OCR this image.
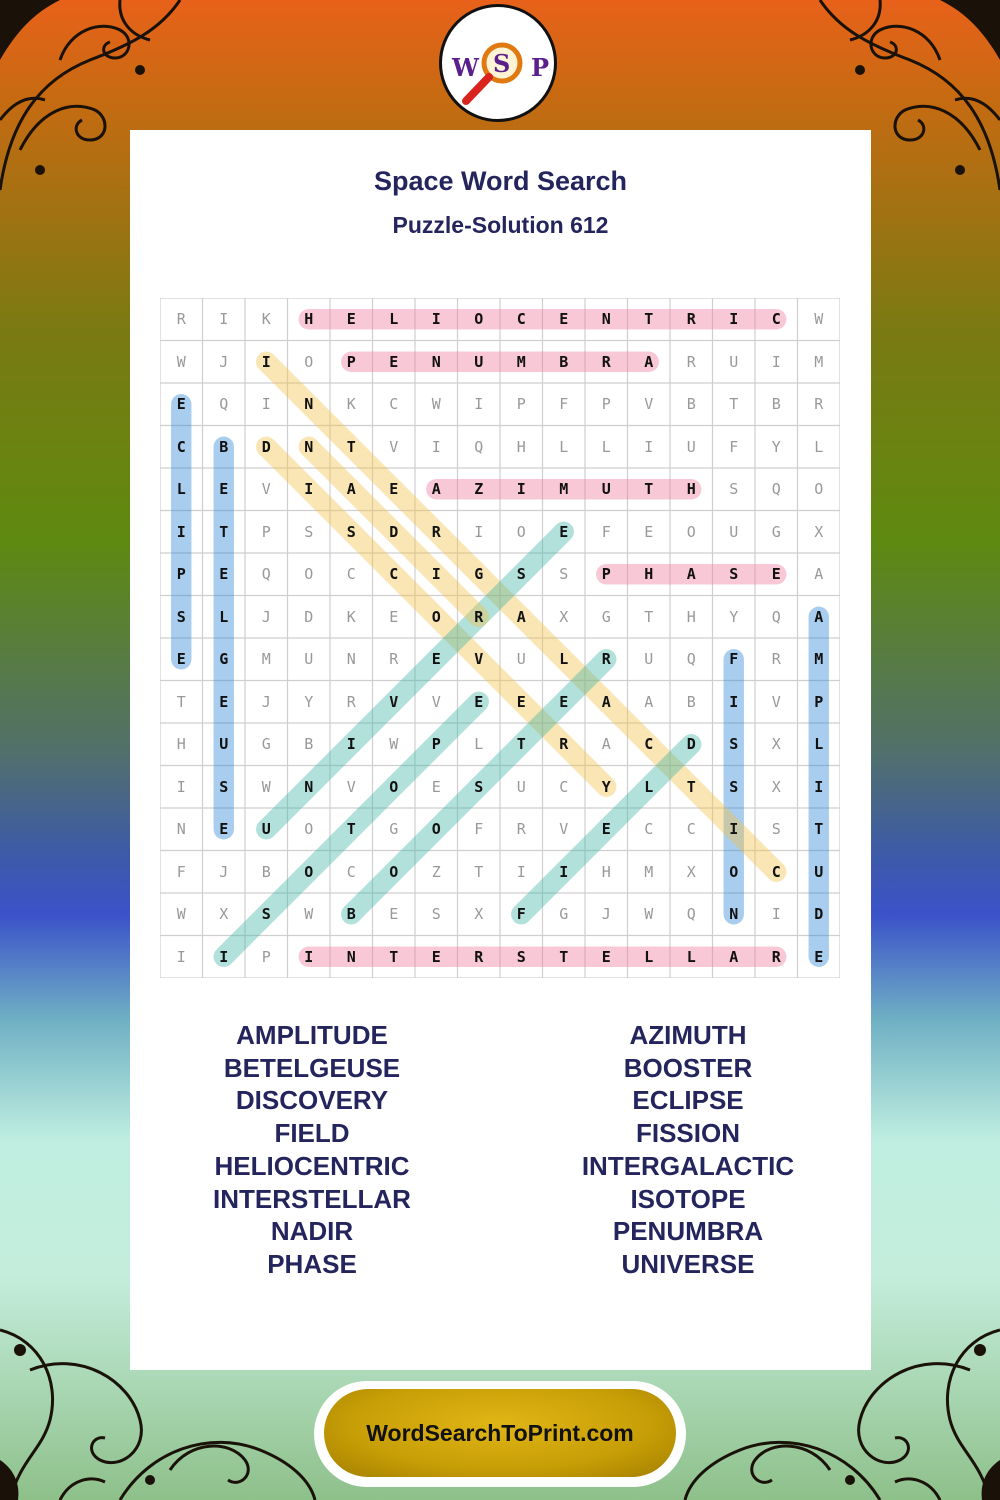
W S P
Space Word Search
Puzzle-Solution 612
R	I	K	H	E	L	I	O	C	E	N	T	R	I	C	W
W	J	I	O	P	E	N	U	M	B	R	A	R	U	I	M
E	Q	I	N	K	C	W	I	P	F	P	V	B	T	B	R
C	B	D	N	T	V	I	Q	H	L	L	I	U	F	Y	L
L	E	V	I	A	E	A	Z	I	M	U	T	H	S	Q	O
I	T	P	S	S	D	R	I	O	E	F	E	O	U	G	X
P	E	Q	O	C	C	I	G	S	S	P	H	A	S	E	A
S	L	J	D	K	E	O	R	A	X	G	T	H	Y	Q	A
E	G	M	U	N	R	E	V	U	L	R	U	Q	F	R	M
T	E	J	Y	R	V	V	E	E	E	A	A	B	I	V	P
H	U	G	B	I	W	P	L	T	R	A	C	D	S	X	L
I	S	W	N	V	O	E	S	U	C	Y	L	T	S	X	I
N	E	U	O	T	G	O	F	R	V	E	C	C	I	S	T
F	J	B	O	C	O	Z	T	I	I	H	M	X	O	C	U
W	X	S	W	B	E	S	X	F	G	J	W	Q	N	I	D
I	I	P	I	N	T	E	R	S	T	E	L	L	A	R	E
AMPLITUDE
BETELGEUSE
DISCOVERY
FIELD
HELIOCENTRIC
INTERSTELLAR
NADIR
PHASE
AZIMUTH
BOOSTER
ECLIPSE
FISSION
INTERGALACTIC
ISOTOPE
PENUMBRA
UNIVERSE
WordSearchToPrint.com
